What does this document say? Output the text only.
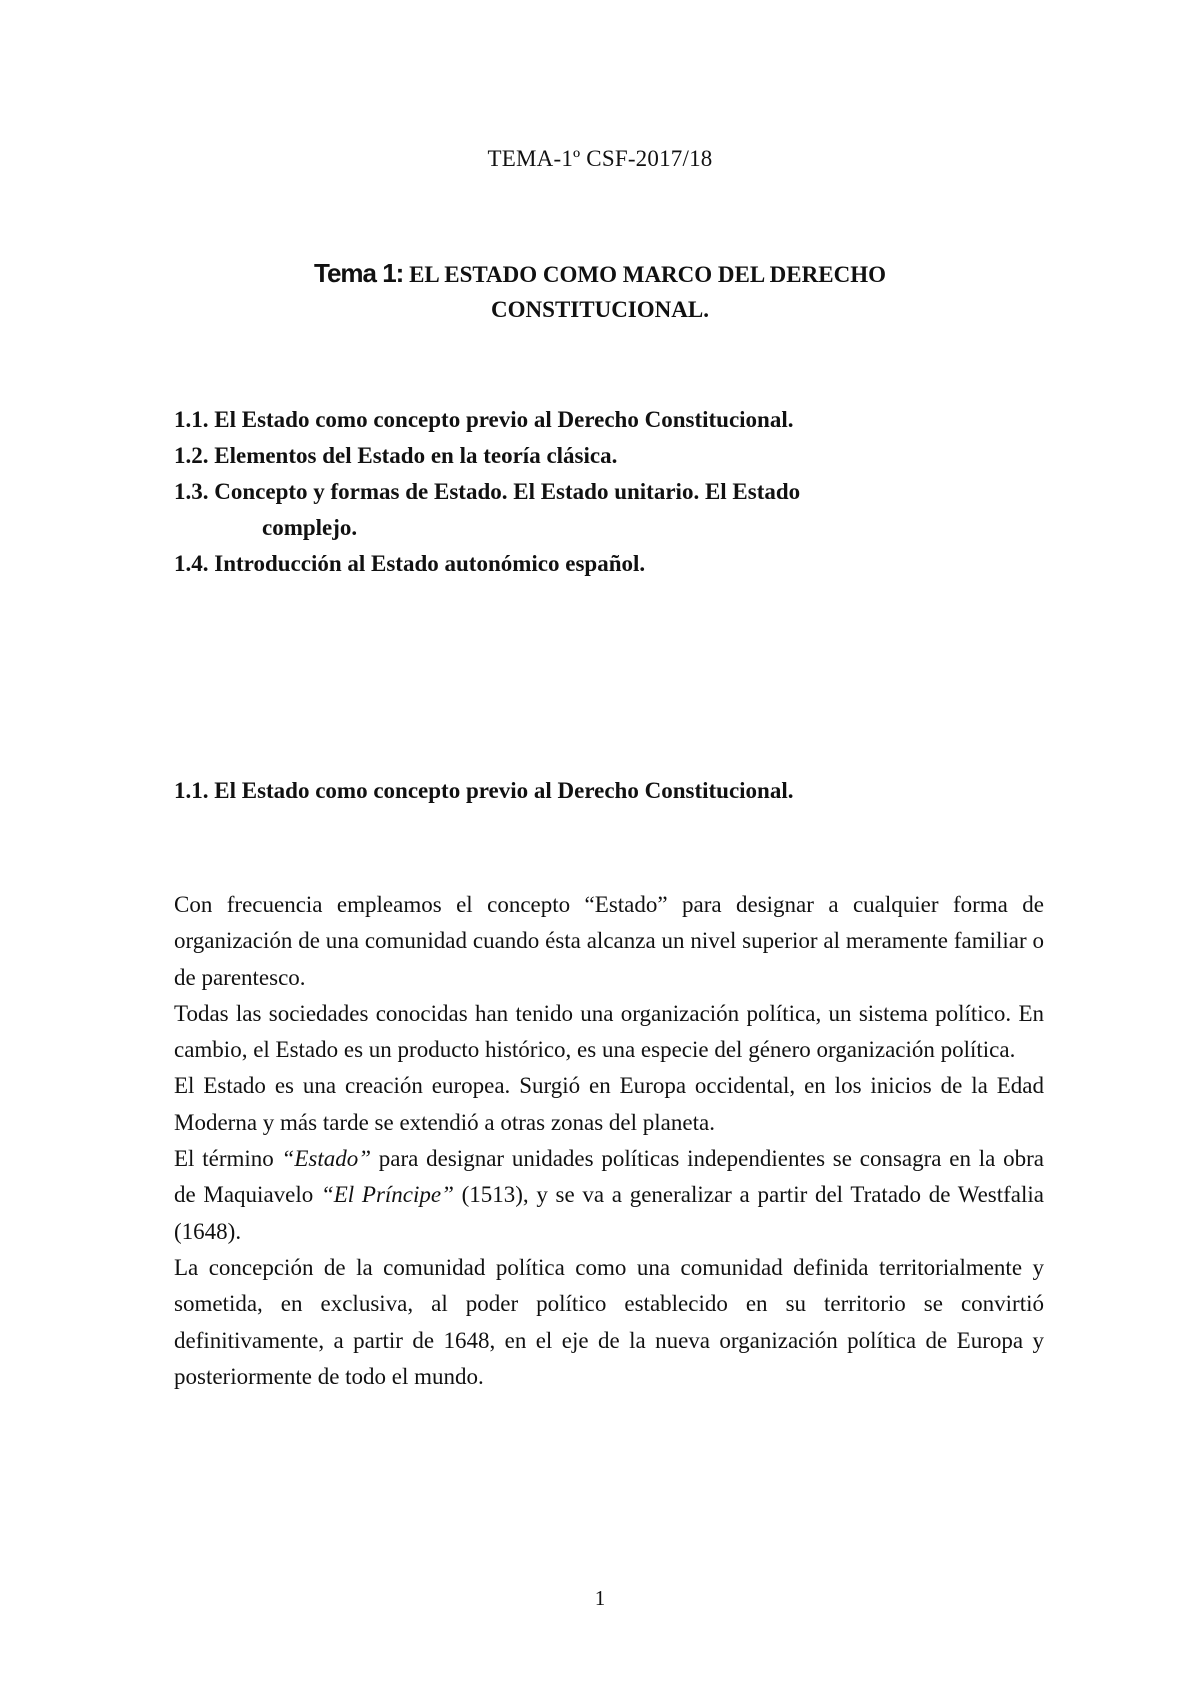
TEMA-1º CSF-2017/18
Tema 1: EL ESTADO COMO MARCO DEL DERECHO
CONSTITUCIONAL.
1.1. El Estado como concepto previo al Derecho Constitucional.
1.2. Elementos del Estado en la teoría clásica.
1.3. Concepto y formas de Estado. El Estado unitario. El Estado
complejo.
1.4. Introducción al Estado autonómico español.
1.1. El Estado como concepto previo al Derecho Constitucional.

Con frecuencia empleamos el concepto “Estado” para designar a cualquier forma de organización de una comunidad cuando ésta alcanza un nivel superior al meramente familiar o de parentesco.

Todas las sociedades conocidas han tenido una organización política, un sistema político. En cambio, el Estado es un producto histórico, es una especie del género organización política.

El Estado es una creación europea. Surgió en Europa occidental, en los inicios de la Edad Moderna y más tarde se extendió a otras zonas del planeta.

El término “Estado” para designar unidades políticas independientes se consagra en la obra de Maquiavelo “El Príncipe” (1513), y se va a generalizar a partir del Tratado de Westfalia (1648).

La concepción de la comunidad política como una comunidad definida territorialmente y sometida, en exclusiva, al poder político establecido en su territorio se convirtió definitivamente, a partir de 1648, en el eje de la nueva organización política de Europa y posteriormente de todo el mundo.

1
